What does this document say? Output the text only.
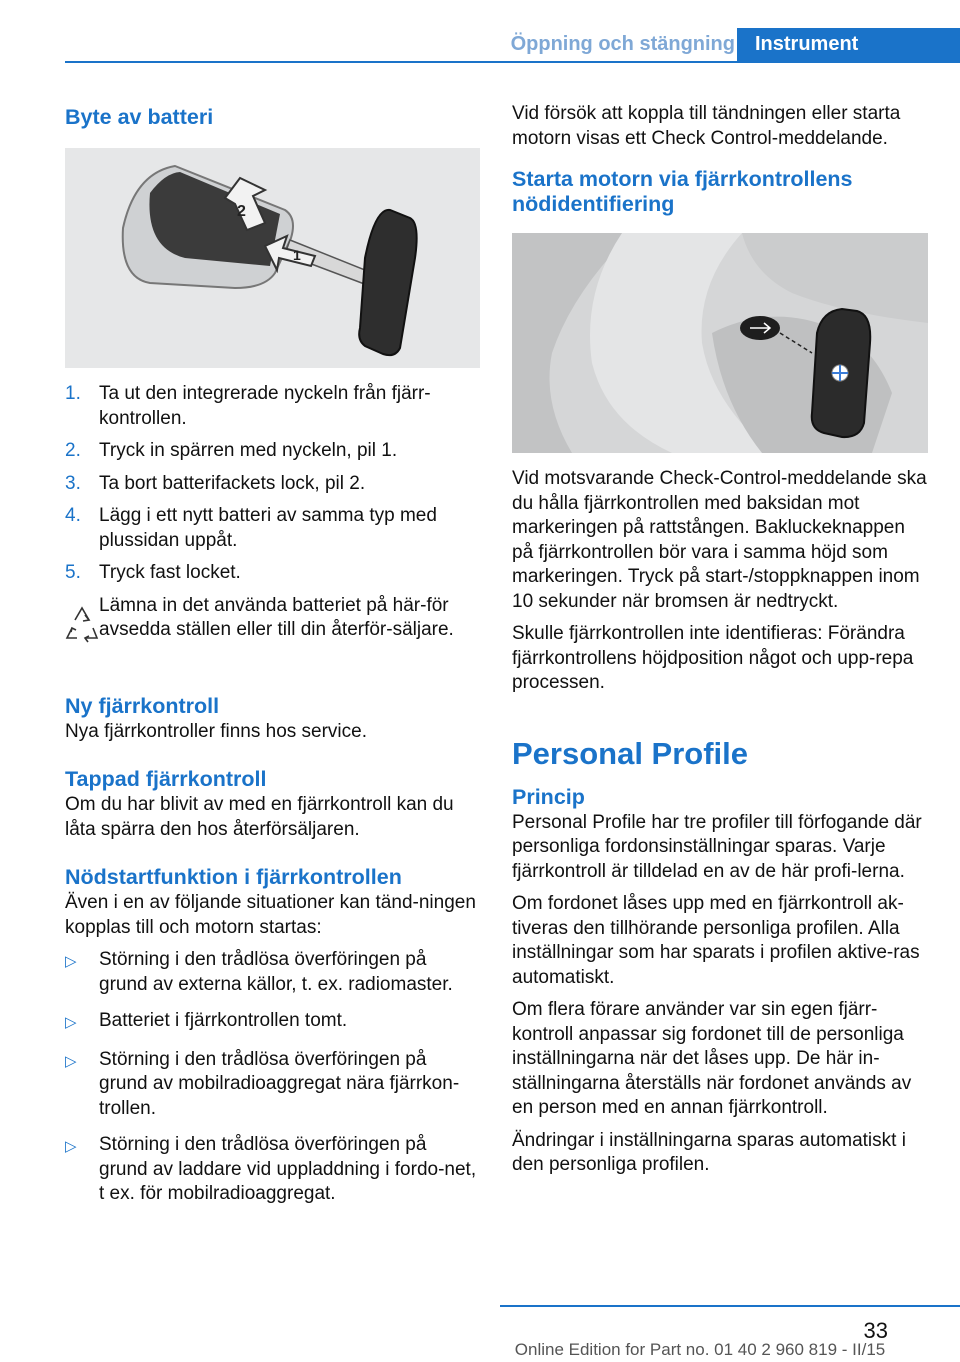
Öppning och stängning	Instrument
Byte av batteri
2
1
1. Ta ut den integrerade nyckeln från fjärr-kontrollen.
2. Tryck in spärren med nyckeln, pil 1.
3. Ta bort batterifackets lock, pil 2.
4. Lägg i ett nytt batteri av samma typ med plussidan uppåt.
5. Tryck fast locket.

Lämna in det använda batteriet på här-för avsedda ställen eller till din återför-säljare.

Ny fjärrkontroll

Nya fjärrkontroller finns hos service.

Tappad fjärrkontroll

Om du har blivit av med en fjärrkontroll kan du låta spärra den hos återförsäljaren.

Nödstartfunktion i fjärrkontrollen

Även i en av följande situationer kan tänd-ningen kopplas till och motorn startas:

▷	Störning i den trådlösa överföringen på grund av externa källor, t. ex. radiomaster.
▷	Batteriet i fjärrkontrollen tomt.
▷	Störning i den trådlösa överföringen på grund av mobilradioaggregat nära fjärrkon-trollen.
▷	Störning i den trådlösa överföringen på grund av laddare vid uppladdning i fordo-net, t ex. för mobilradioaggregat.

Vid försök att koppla till tändningen eller starta motorn visas ett Check Control-meddelande.

Starta motorn via fjärrkontrollens nödidentifiering

Vid motsvarande Check-Control-meddelande ska du hålla fjärrkontrollen med baksidan mot markeringen på rattstången. Bakluckeknappen på fjärrkontrollen bör vara i samma höjd som markeringen. Tryck på start-/stoppknappen inom 10 sekunder när bromsen är nedtryckt.

Skulle fjärrkontrollen inte identifieras: Förändra fjärrkontrollens höjdposition något och upp-repa processen.

Personal Profile
Princip

Personal Profile har tre profiler till förfogande där personliga fordonsinställningar sparas. Varje fjärrkontroll är tilldelad en av de här profi-lerna.

Om fordonet låses upp med en fjärrkontroll ak-tiveras den tillhörande personliga profilen. Alla inställningar som har sparats i profilen aktive-ras automatiskt.

Om flera förare använder var sin egen fjärr-kontroll anpassar sig fordonet till de personliga inställningarna när det låses upp. De här in-ställningarna återställs när fordonet används av en person med en annan fjärrkontroll.

Ändringar i inställningarna sparas automatiskt i den personliga profilen.

33
Online Edition for Part no. 01 40 2 960 819 - II/15
